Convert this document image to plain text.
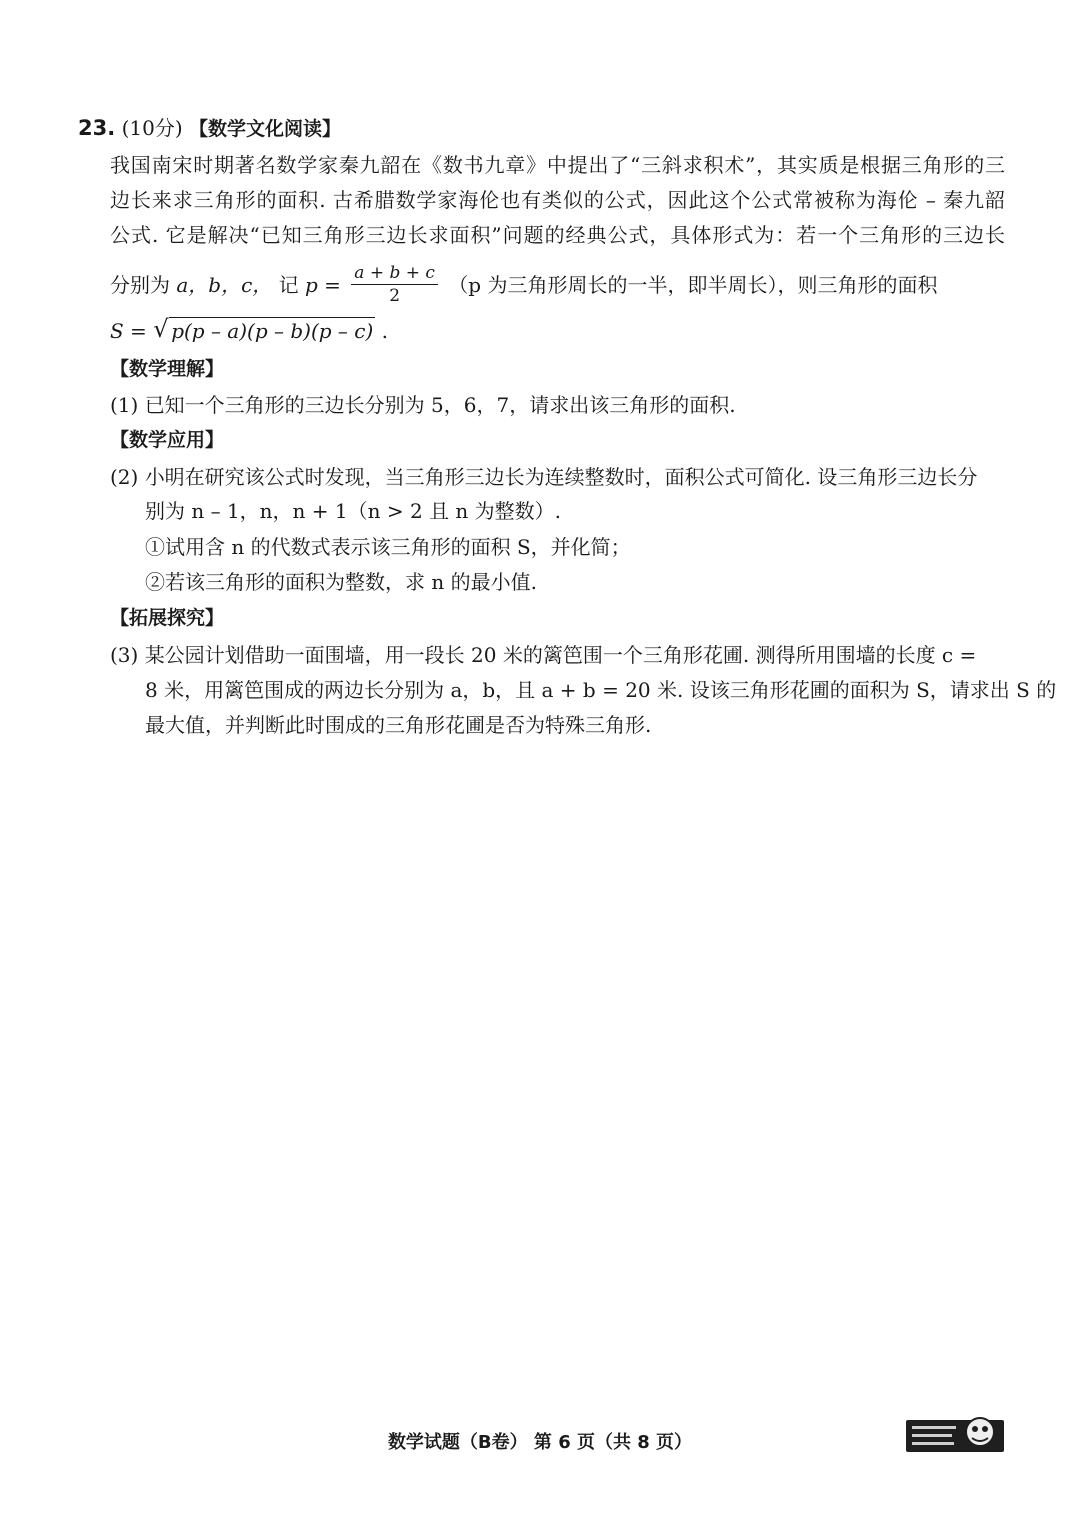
23. (10分) 【数学文化阅读】
我国南宋时期著名数学家秦九韶在《数书九章》中提出了“三斜求积术”，其实质是根据三角形的三
边长来求三角形的面积. 古希腊数学家海伦也有类似的公式，因此这个公式常被称为海伦 – 秦九韶
公式. 它是解决“已知三角形三边长求面积”问题的经典公式，具体形式为：若一个三角形的三边长
分别为 a，b，c， 记 $p = \frac{a + b + c}{2} (p$ 为三角形周长的一半，即半周长），则三角形的面积
S = √ p(p – a)(p – b)(p – c) .
【数学理解】
(1) 已知一个三角形的三边长分别为 5，6，7，请求出该三角形的面积.
【数学应用】
(2) 小明在研究该公式时发现，当三角形三边长为连续整数时，面积公式可简化. 设三角形三边长分
别为 n – 1，n，n + 1（n > 2 且 n 为整数）.
①试用含 n 的代数式表示该三角形的面积 S，并化简；
②若该三角形的面积为整数，求 n 的最小值.
【拓展探究】
(3) 某公园计划借助一面围墙，用一段长 20 米的篱笆围一个三角形花圃. 测得所用围墙的长度 c =
8 米，用篱笆围成的两边长分别为 a，b，且 a + b = 20 米. 设该三角形花圃的面积为 S，请求出 S 的
最大值，并判断此时围成的三角形花圃是否为特殊三角形.
数学试题（B卷） 第 6 页（共 8 页）
